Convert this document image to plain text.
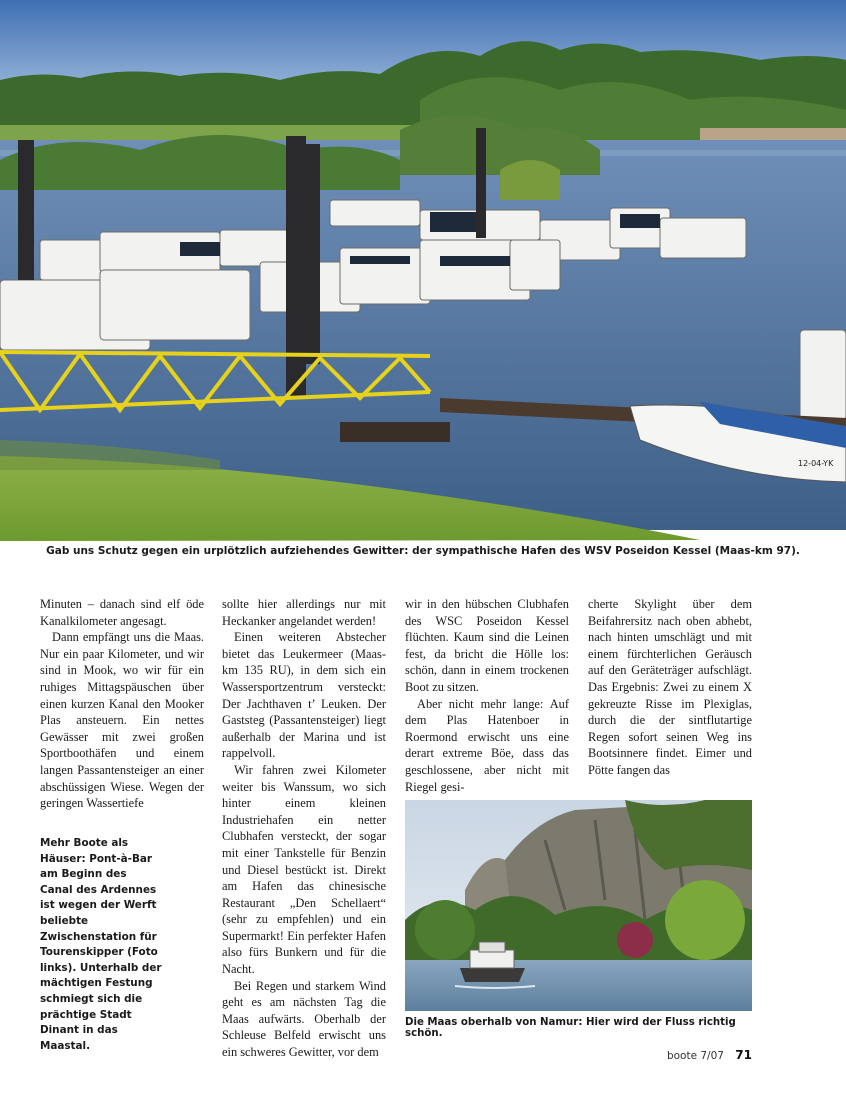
12-04-YK
Gab uns Schutz gegen ein urplötzlich aufziehendes Gewitter: der sympathische Hafen des WSV Poseidon Kessel (Maas-km 97).

Minuten – danach sind elf öde Kanalkilometer angesagt.

Dann empfängt uns die Maas. Nur ein paar Kilometer, und wir sind in Mook, wo wir für ein ruhiges Mittagspäuschen über einen kurzen Kanal den Mooker Plas ansteuern. Ein nettes Gewässer mit zwei großen Sportboothäfen und einem langen Passantensteiger an einer abschüssigen Wiese. Wegen der geringen Wassertiefe

Mehr Boote als Häuser: Pont-à-Bar am Beginn des Canal des Ardennes ist wegen der Werft beliebte Zwischenstation für Tourenskipper (Foto links). Unterhalb der mächtigen Festung schmiegt sich die prächtige Stadt Dinant in das Maastal.

sollte hier allerdings nur mit Heckanker angelandet werden!

Einen weiteren Abstecher bietet das Leukermeer (Maas-km 135 RU), in dem sich ein Wassersportzentrum versteckt: Der Jachthaven t’ Leuken. Der Gaststeg (Passantensteiger) liegt außerhalb der Marina und ist rappelvoll.

Wir fahren zwei Kilometer weiter bis Wanssum, wo sich hinter einem kleinen Industriehafen ein netter Clubhafen versteckt, der sogar mit einer Tankstelle für Benzin und Diesel bestückt ist. Direkt am Hafen das chinesische Restaurant „Den Schellaert“ (sehr zu empfehlen) und ein Supermarkt! Ein perfekter Hafen also fürs Bunkern und für die Nacht.

Bei Regen und starkem Wind geht es am nächsten Tag die Maas aufwärts. Oberhalb der Schleuse Belfeld erwischt uns ein schweres Gewitter, vor dem

wir in den hübschen Clubhafen des WSC Poseidon Kessel flüchten. Kaum sind die Leinen fest, da bricht die Hölle los: schön, dann in einem trockenen Boot zu sitzen.

Aber nicht mehr lange: Auf dem Plas Hatenboer in Roermond erwischt uns eine derart extreme Böe, dass das geschlossene, aber nicht mit Riegel gesi-

cherte Skylight über dem Beifahrersitz nach oben abhebt, nach hinten umschlägt und mit einem fürchterlichen Geräusch auf den Geräteträger aufschlägt. Das Ergebnis: Zwei zu einem X gekreuzte Risse im Plexiglas, durch die der sintflutartige Regen sofort seinen Weg ins Bootsinnere findet. Eimer und Pötte fangen das

Die Maas oberhalb von Namur: Hier wird der Fluss richtig schön.
boote 7/07 71
